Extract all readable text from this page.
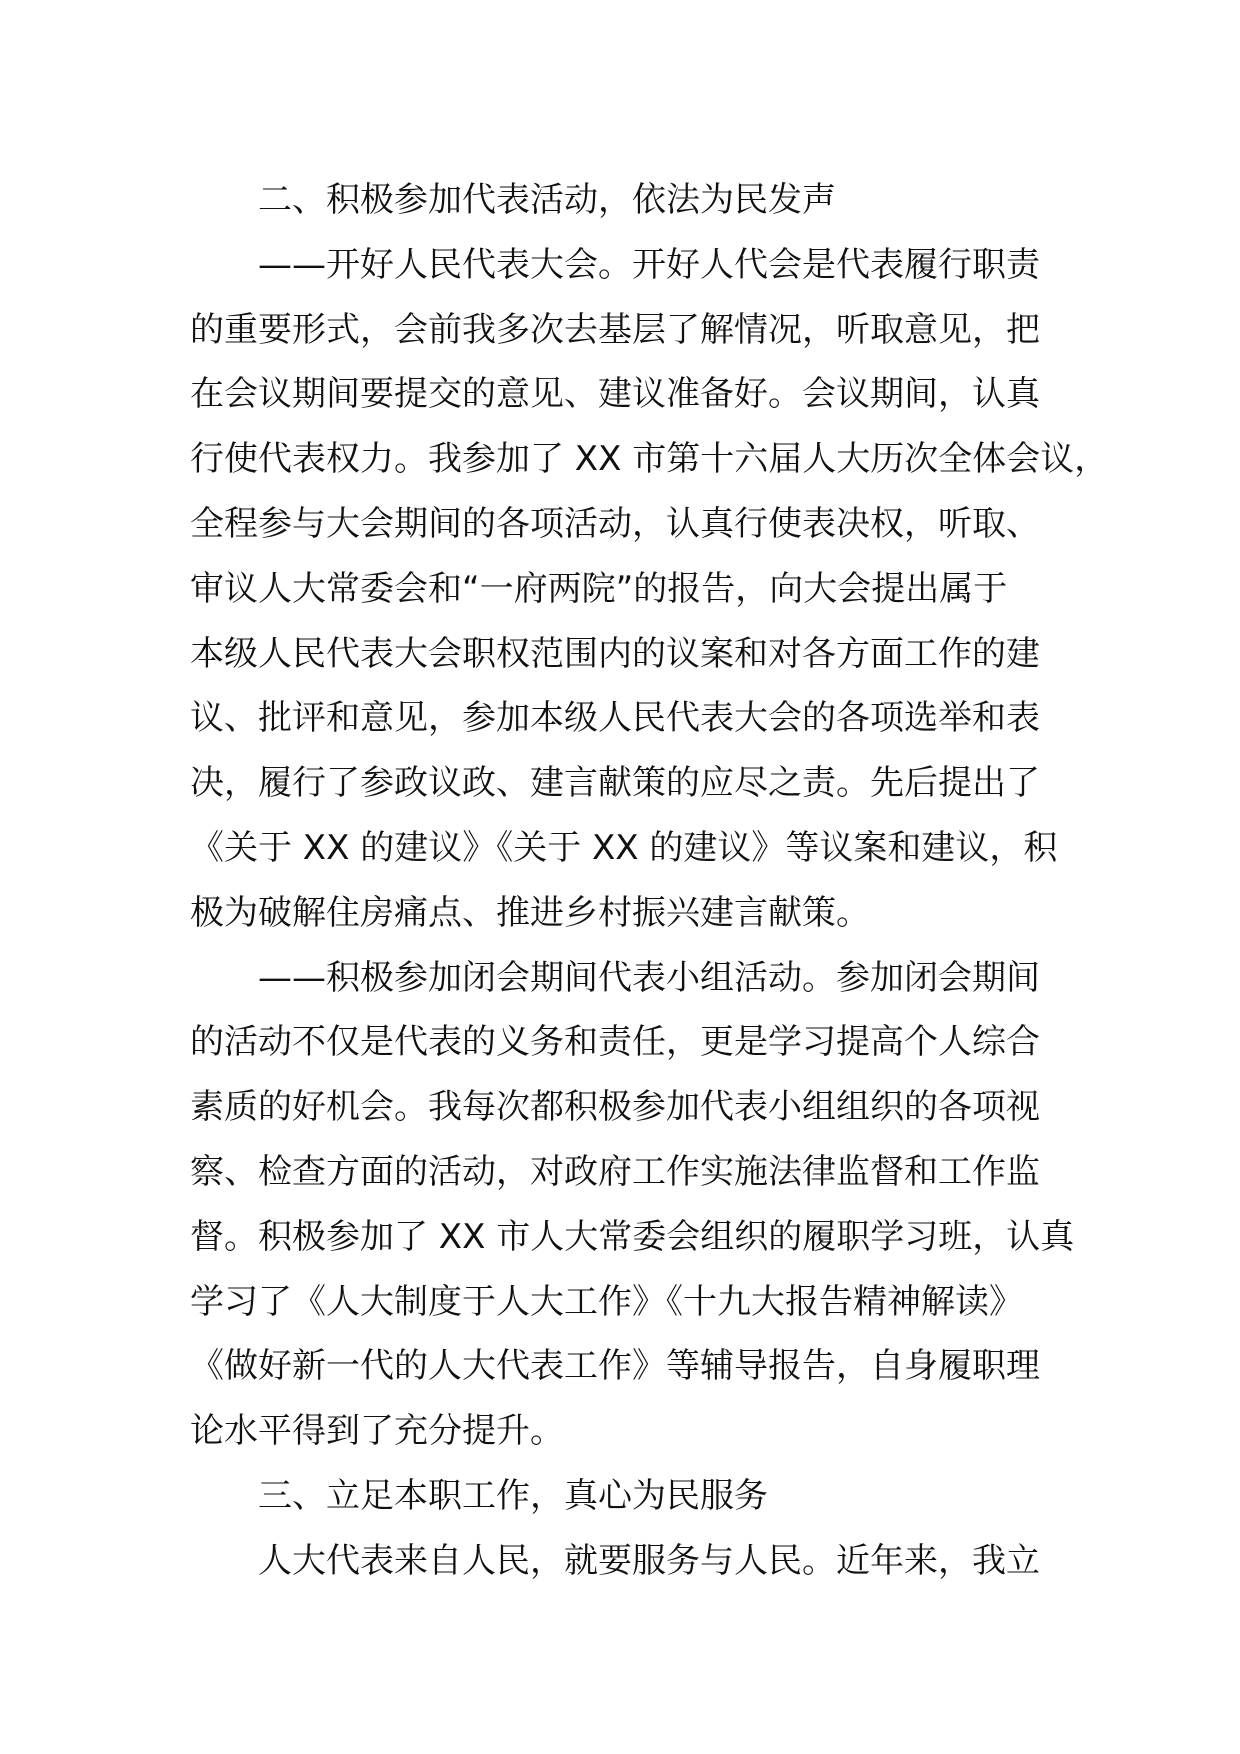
二、积极参加代表活动，依法为民发声
——开好人民代表大会。开好人代会是代表履行职责
的重要形式，会前我多次去基层了解情况，听取意见，把
在会议期间要提交的意见、建议准备好。会议期间，认真
行使代表权力。我参加了 XX 市第十六届人大历次全体会议，
全程参与大会期间的各项活动，认真行使表决权，听取、
审议人大常委会和“一府两院”的报告，向大会提出属于
本级人民代表大会职权范围内的议案和对各方面工作的建
议、批评和意见，参加本级人民代表大会的各项选举和表
决，履行了参政议政、建言献策的应尽之责。先后提出了
《关于 XX 的建议》《关于 XX 的建议》等议案和建议，积
极为破解住房痛点、推进乡村振兴建言献策。
——积极参加闭会期间代表小组活动。参加闭会期间
的活动不仅是代表的义务和责任，更是学习提高个人综合
素质的好机会。我每次都积极参加代表小组组织的各项视
察、检查方面的活动，对政府工作实施法律监督和工作监
督。积极参加了 XX 市人大常委会组织的履职学习班，认真
学习了《人大制度于人大工作》《十九大报告精神解读》
《做好新一代的人大代表工作》等辅导报告，自身履职理
论水平得到了充分提升。
三、立足本职工作，真心为民服务
人大代表来自人民，就要服务与人民。近年来，我立
